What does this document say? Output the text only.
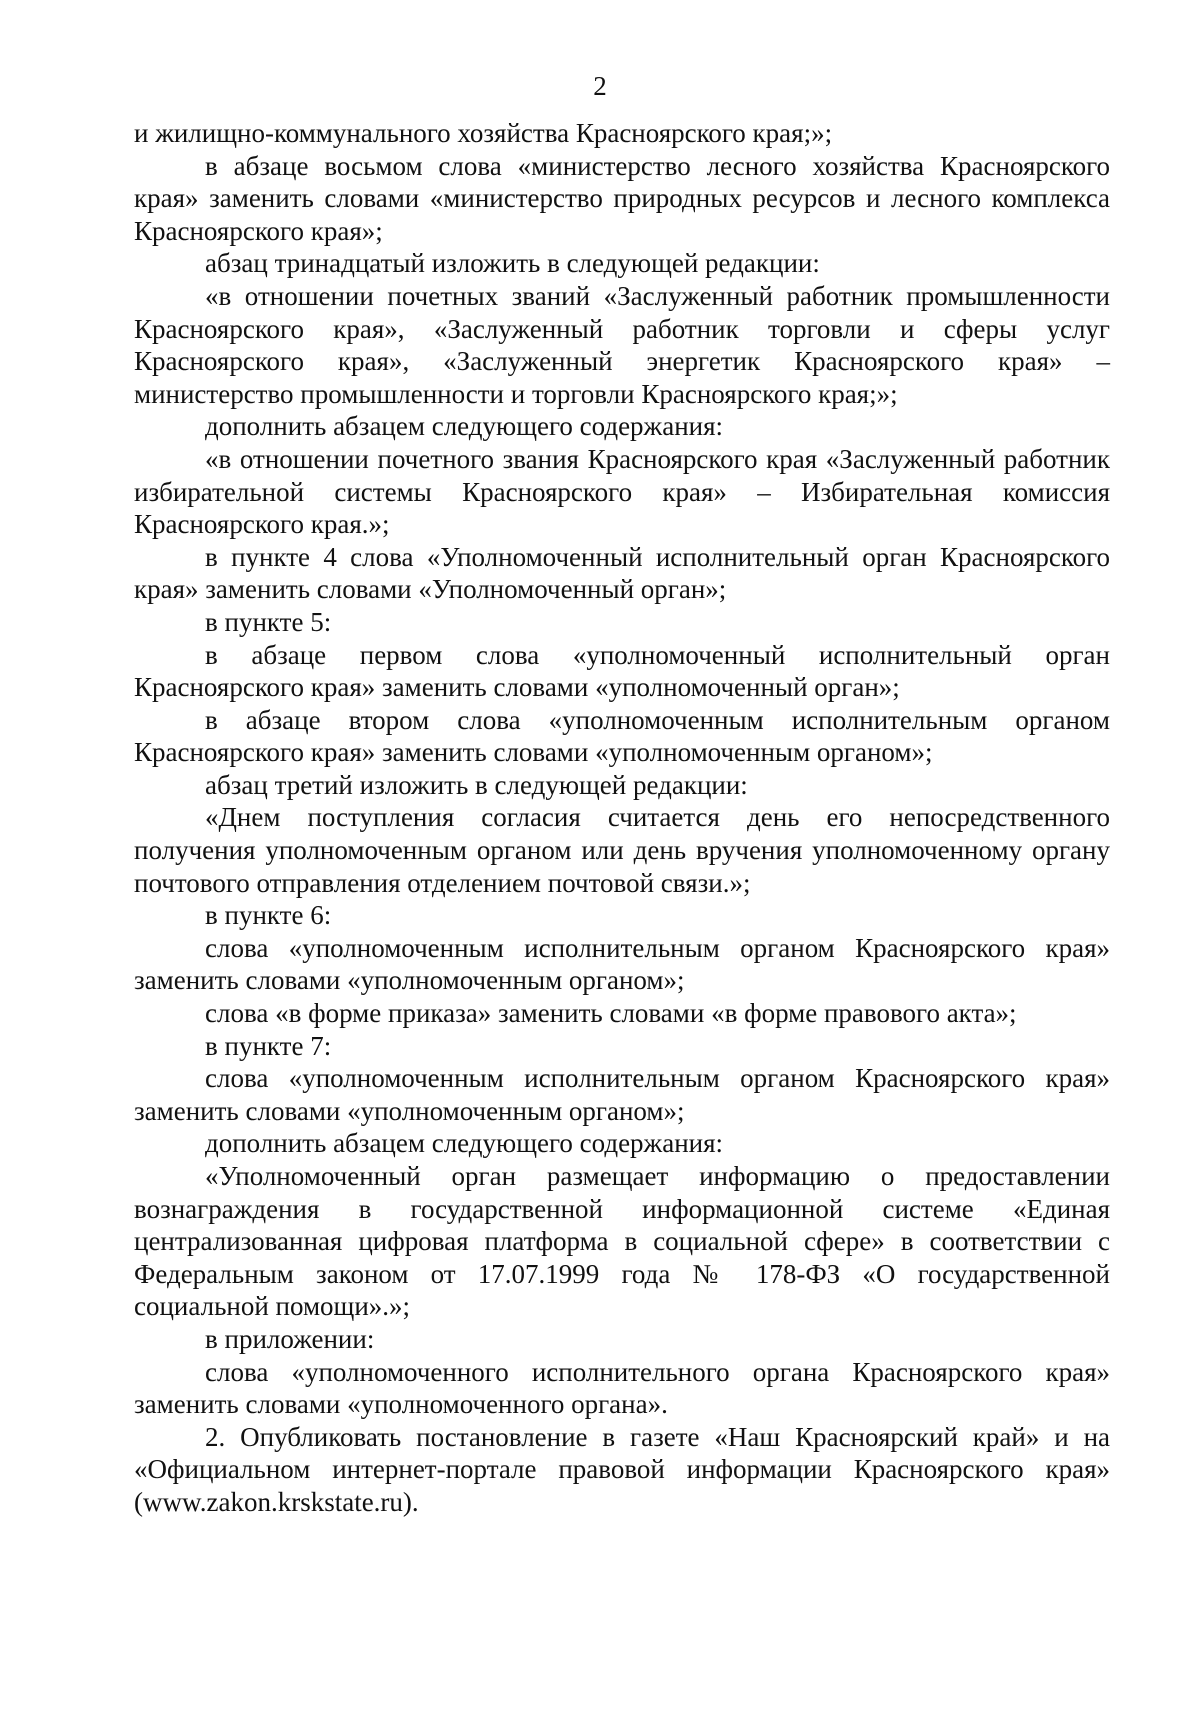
2

и жилищно-коммунального хозяйства Красноярского края;»;

в абзаце восьмом слова «министерство лесного хозяйства Красноярского края» заменить словами «министерство природных ресурсов и лесного комплекса Красноярского края»;

абзац тринадцатый изложить в следующей редакции:

«в отношении почетных званий «Заслуженный работник промышленности Красноярского края», «Заслуженный работник торговли и сферы услуг Красноярского края», «Заслуженный энергетик Красноярского края» – министерство промышленности и торговли Красноярского края;»;

дополнить абзацем следующего содержания:

«в отношении почетного звания Красноярского края «Заслуженный работник избирательной системы Красноярского края» – Избирательная комиссия Красноярского края.»;

в пункте 4 слова «Уполномоченный исполнительный орган Красноярского края» заменить словами «Уполномоченный орган»;

в пункте 5:

в абзаце первом слова «уполномоченный исполнительный орган Красноярского края» заменить словами «уполномоченный орган»;

в абзаце втором слова «уполномоченным исполнительным органом Красноярского края» заменить словами «уполномоченным органом»;

абзац третий изложить в следующей редакции:

«Днем поступления согласия считается день его непосредственного получения уполномоченным органом или день вручения уполномоченному органу почтового отправления отделением почтовой связи.»;

в пункте 6:

слова «уполномоченным исполнительным органом Красноярского края» заменить словами «уполномоченным органом»;

слова «в форме приказа» заменить словами «в форме правового акта»;

в пункте 7:

слова «уполномоченным исполнительным органом Красноярского края» заменить словами «уполномоченным органом»;

дополнить абзацем следующего содержания:

«Уполномоченный орган размещает информацию о предоставлении вознаграждения в государственной информационной системе «Единая централизованная цифровая платформа в социальной сфере» в соответствии с Федеральным законом от 17.07.1999 года № 178-ФЗ «О государственной социальной помощи».»;

в приложении:

слова «уполномоченного исполнительного органа Красноярского края» заменить словами «уполномоченного органа».

2. Опубликовать постановление в газете «Наш Красноярский край» и на «Официальном интернет-портале правовой информации Красноярского края» (www.zakon.krskstate.ru).
